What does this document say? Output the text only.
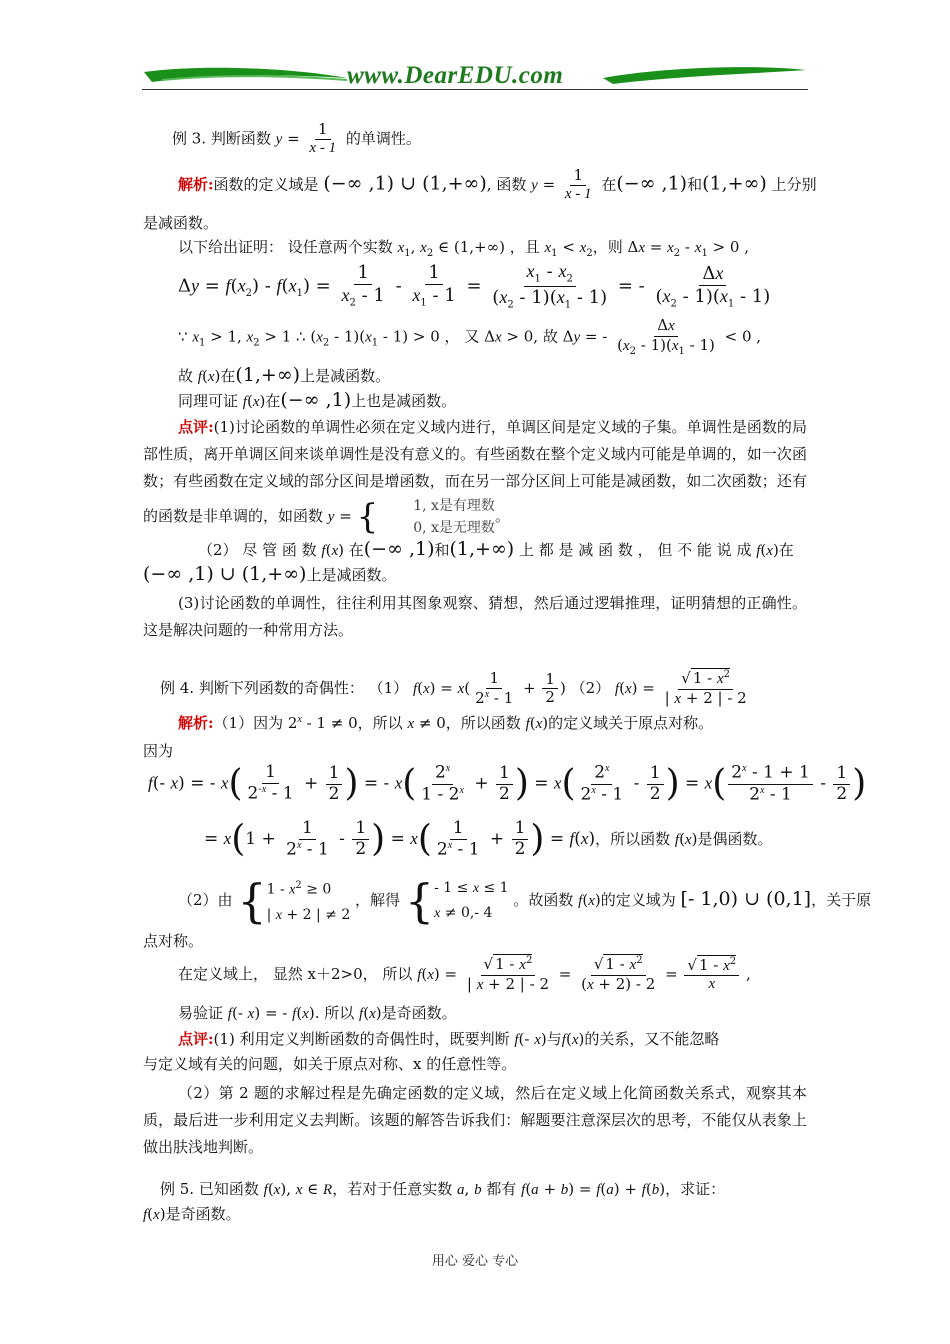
www.DearEDU.com
例 3. 判断函数 $y = \frac{1}{x - 1}$ 的单调性。
解析:函数的定义域是 (−∞ ,1) ∪ (1,+∞), 函数 $y = \frac{1}{x - 1}$ 在(−∞ ,1)和(1,+∞) 上分别
是减函数。
以下给出证明： 设任意两个实数 $x_1$, $x_2$ ∈ (1,+∞) ，且 $x_1 < x_2$，则 $\Delta x = x_2 - x_1 > 0$ ,
$\Delta y = f(x_2) - f(x_1) = \frac{1}{x_2 - 1} - \frac{1}{x_1 - 1} = \frac{x_1 - x_2}{(x_2 - 1)(x_1 - 1)}$ = - $\frac{\Delta x}{(x_2 - 1)(x_1 - 1)}$
∵ $x_1 > 1$, $x_2 > 1$ ∴ $(x_2 - 1)(x_1 - 1) > 0$ ， 又 Δx > 0, 故 Δy = - $\frac{\Delta x}{(x_2 - 1)(x_1 - 1)} < 0$ ,
故 f(x)在(1,+∞)上是减函数。
同理可证 f(x)在(−∞ ,1)上也是减函数。
点评:(1)讨论函数的单调性必须在定义域内进行，单调区间是定义域的子集。单调性是函数的局部性质，离开单调区间来谈单调性是没有意义的。有些函数在整个定义域内可能是单调的，如一次函数；有些函数在定义域的部分区间是增函数，而在另一部分区间上可能是减函数，如二次函数；还有的函数是非单调的，如函数 y = {	1, x是有理数
0, x是无理数
。
（2） 尽 管 函 数 f(x) 在(−∞ ,1)和(1,+∞) 上 都 是 减 函 数 ， 但 不 能 说 成 f(x)在
(−∞ ,1) ∪ (1,+∞)上是减函数。
(3)讨论函数的单调性，往往利用其图象观察、猜想，然后通过逻辑推理，证明猜想的正确性。这是解决问题的一种常用方法。
例 4. 判断下列函数的奇偶性： （1） $f(x) = x( \frac{1}{2^x - 1} + \frac{1}{2}$ ) （2） $f(x) = \frac{√ 1 - x^2}{| x + 2 | - 2}$
解析:（1）因为 2$^x$ - 1 ≠ 0，所以 x ≠ 0，所以函数 f(x)的定义域关于原点对称。
因为
f(- x) = - $x( \frac{1}{2^{-x} - 1} + \frac{1}{2}$ ) = - $x( \frac{2^x}{1 - 2^x} + \frac{1}{2}$ ) = $x( \frac{2^x}{2^x - 1} - \frac{1}{2}$ ) = $x( \frac{2^x - 1 + 1}{2^x - 1} - \frac{1}{2}$ )
= $x(1 + \frac{1}{2^x - 1} - \frac{1}{2}$ ) = $x( \frac{1}{2^x - 1} + \frac{1}{2}$ ) = f(x)，所以函数 f(x)是偶函数。
（2）由 { $1 - x^2 \ge 0$
| x + 2 | ≠ 2
，解得 { - 1 ≤ x ≤ 1
x ≠ 0,- 4
。故函数 f(x)的定义域为 [- 1,0) ∪ (0,1]，关于原
点对称。
在定义域上， 显然 x＋2>0， 所以 $f(x) = \frac{√ 1 - x^2}{| x + 2 | - 2} = \frac{√ 1 - x^2}{(x + 2) - 2} = \frac{√ 1 - x^2}{x}$ ,
易验证 f(- x) = - f(x). 所以 f(x)是奇函数。
点评:(1) 利用定义判断函数的奇偶性时，既要判断 f(- x)与f(x)的关系，又不能忽略
与定义域有关的问题，如关于原点对称、x 的任意性等。
（2）第 2 题的求解过程是先确定函数的定义域，然后在定义域上化简函数关系式，观察其本质，最后进一步利用定义去判断。该题的解答告诉我们：解题要注意深层次的思考，不能仅从表象上做出肤浅地判断。
例 5. 已知函数 f(x), x ∈ R，若对于任意实数 a, b 都有 f(a + b) = f(a) + f(b)，求证：
f(x)是奇函数。
用心 爱心 专心
